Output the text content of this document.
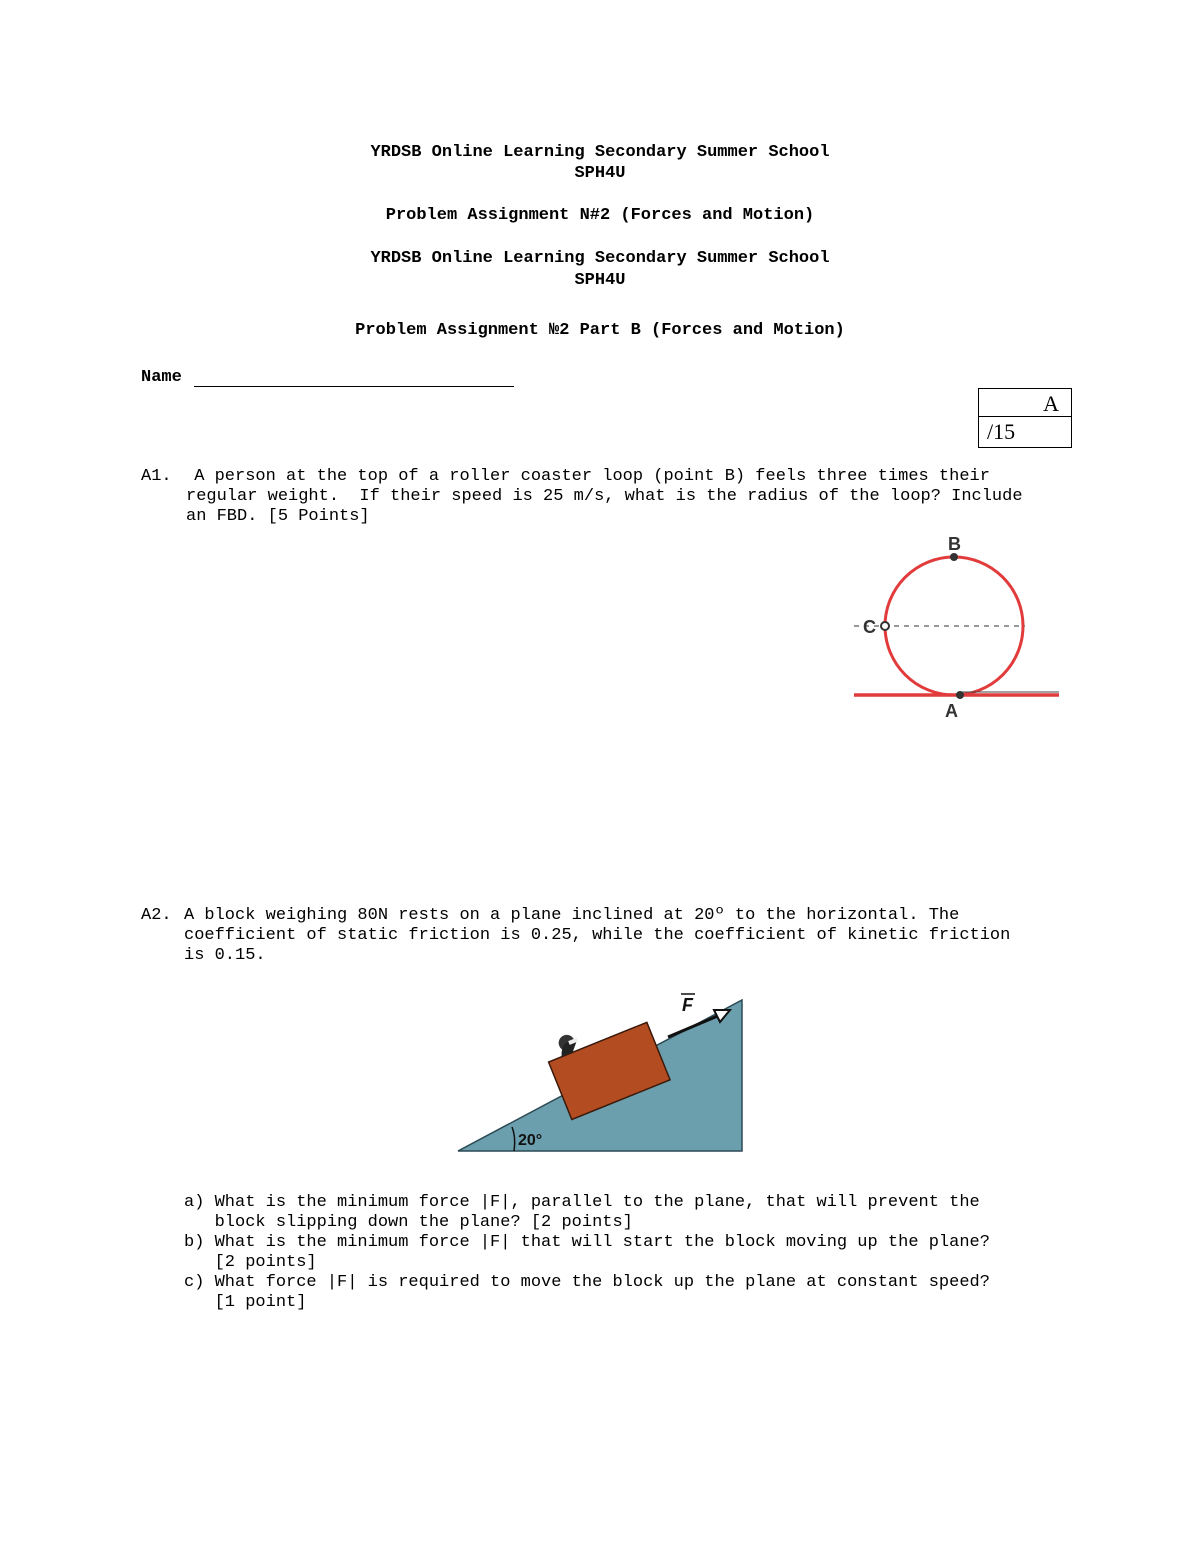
YRDSB Online Learning Secondary Summer School
SPH4U
Problem Assignment N#2 (Forces and Motion)
YRDSB Online Learning Secondary Summer School
SPH4U
Problem Assignment №2 Part B (Forces and Motion)
Name
A
/15
A1. A person at the top of a roller coaster loop (point B) feels three times their
regular weight.  If their speed is 25 m/s, what is the radius of the loop? Include
an FBD. [5 Points]
B
C
A
A2. A block weighing 80N rests on a plane inclined at 20º to the horizontal. The
coefficient of static friction is 0.25, while the coefficient of kinetic friction
is 0.15.
F
20°
a) What is the minimum force |F|, parallel to the plane, that will prevent the
block slipping down the plane? [2 points]
b) What is the minimum force |F| that will start the block moving up the plane?
[2 points]
c) What force |F| is required to move the block up the plane at constant speed?
[1 point]
